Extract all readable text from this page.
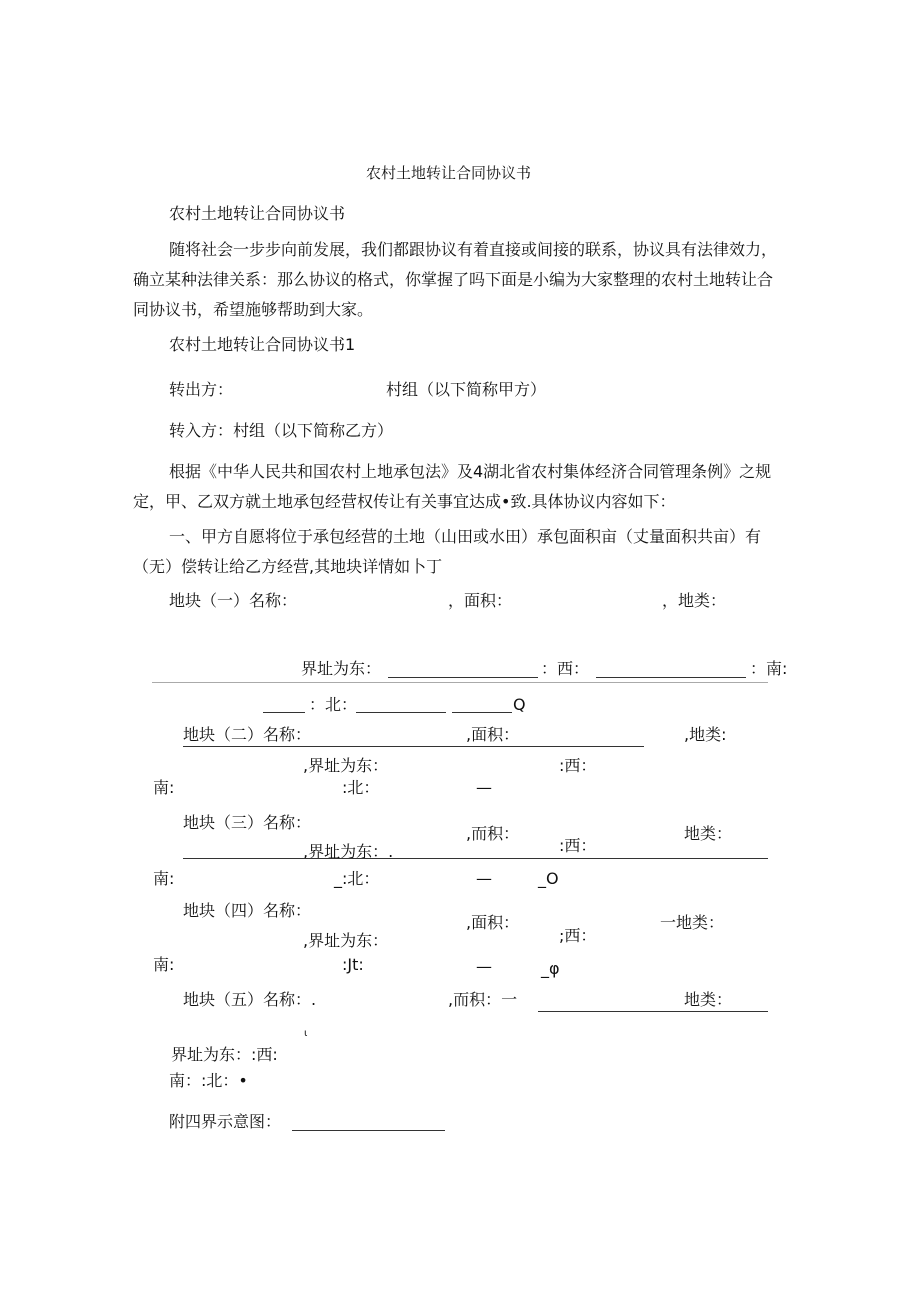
农村土地转让合同协议书
农村土地转让合同协议书
随将社会一步步向前发展，我们都跟协议有着直接或间接的联系，协议具有法律效力，确立某种法律关系：那么协议的格式，你掌握了吗下面是小编为大家整理的农村土地转让合同协议书，希望施够帮助到大家。
农村土地转让合同协议书1
转出方：	村组（以下简称甲方）
转入方：村组（以下简称乙方）
根据《中华人民共和国农村上地承包法》及4湖北省农村集体经济合同管理条例》之规定，甲、乙双方就土地承包经营权传让有关事宜达成•致.具体协议内容如下：
一、甲方自愿将位于承包经营的土地（山田或水田）承包面积亩（丈量面积共亩）有（无）偿转让给乙方经营,其地块详情如卜丁
地块（一）名称：	，面积：	，地类：
界址为东：	：西：	：南:
：北：	Q
地块（二）名称：	,面积：	,地类:
,界址为东：	:西：
南:	:北：	—
地块（三）名称：
,而积：	地类：
,界址为东：.	:西：
南:	_:北：	—	_O
地块（四）名称：
,面积：	一地类：
,界址为东：	;西：
南:	:Jt:	—	_φ
地块（五）名称：.	,而积：一	地类：
ι
界址为东：:西:
南：:北：•
附四界示意图：
